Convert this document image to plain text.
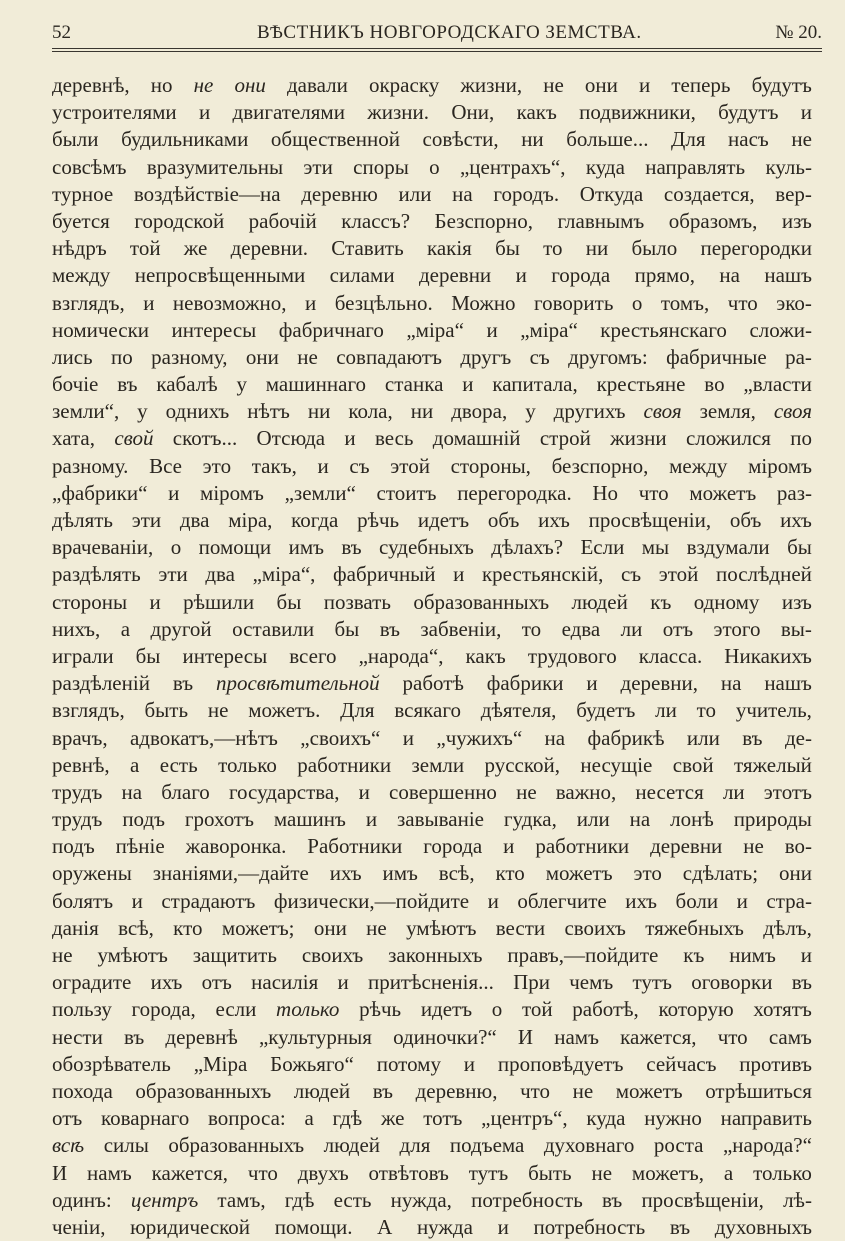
52	ВѢСТНИКЪ НОВГОРОДСКАГО ЗЕМСТВА.	№ 20.
деревнѣ, но не они давали окраску жизни, не они и теперь будутъ
устроителями и двигателями жизни. Они, какъ подвижники, будутъ и
были будильниками общественной совѣсти, ни больше... Для насъ не
совсѣмъ вразумительны эти споры о „центрахъ“, куда направлять куль-
турное воздѣйствіе—на деревню или на городъ. Откуда создается, вер-
буется городской рабочій классъ? Безспорно, главнымъ образомъ, изъ
нѣдръ той же деревни. Ставить какія бы то ни было перегородки
между непросвѣщенными силами деревни и города прямо, на нашъ
взглядъ, и невозможно, и безцѣльно. Можно говорить о томъ, что эко-
номически интересы фабричнаго „міра“ и „міра“ крестьянскаго сложи-
лись по разному, они не совпадаютъ другъ съ другомъ: фабричные ра-
бочіе въ кабалѣ у машиннаго станка и капитала, крестьяне во „власти
земли“, у однихъ нѣтъ ни кола, ни двора, у другихъ своя земля, своя
хата, свой скотъ... Отсюда и весь домашній строй жизни сложился по
разному. Все это такъ, и съ этой стороны, безспорно, между міромъ
„фабрики“ и міромъ „земли“ стоитъ перегородка. Но что можетъ раз-
дѣлять эти два міра, когда рѣчь идетъ объ ихъ просвѣщеніи, объ ихъ
врачеваніи, о помощи имъ въ судебныхъ дѣлахъ? Если мы вздумали бы
раздѣлять эти два „міра“, фабричный и крестьянскій, съ этой послѣдней
стороны и рѣшили бы позвать образованныхъ людей къ одному изъ
нихъ, а другой оставили бы въ забвеніи, то едва ли отъ этого вы-
играли бы интересы всего „народа“, какъ трудового класса. Никакихъ
раздѣленій въ просвѣтительной работѣ фабрики и деревни, на нашъ
взглядъ, быть не можетъ. Для всякаго дѣятеля, будетъ ли то учитель,
врачъ, адвокатъ,—нѣтъ „своихъ“ и „чужихъ“ на фабрикѣ или въ де-
ревнѣ, а есть только работники земли русской, несущіе свой тяжелый
трудъ на благо государства, и совершенно не важно, несется ли этотъ
трудъ подъ грохотъ машинъ и завываніе гудка, или на лонѣ природы
подъ пѣніе жаворонка. Работники города и работники деревни не во-
оружены знаніями,—дайте ихъ имъ всѣ, кто можетъ это сдѣлать; они
болятъ и страдаютъ физически,—пойдите и облегчите ихъ боли и стра-
данія всѣ, кто можетъ; они не умѣютъ вести своихъ тяжебныхъ дѣлъ,
не умѣютъ защитить своихъ законныхъ правъ,—пойдите къ нимъ и
оградите ихъ отъ насилія и притѣсненія... При чемъ тутъ оговорки въ
пользу города, если только рѣчь идетъ о той работѣ, которую хотятъ
нести въ деревнѣ „культурныя одиночки?“ И намъ кажется, что самъ
обозрѣватель „Міра Божьяго“ потому и проповѣдуетъ сейчасъ противъ
похода образованныхъ людей въ деревню, что не можетъ отрѣшиться
отъ коварнаго вопроса: а гдѣ же тотъ „центръ“, куда нужно направить
всѣ силы образованныхъ людей для подъема духовнаго роста „народа?“
И намъ кажется, что двухъ отвѣтовъ тутъ быть не можетъ, а только
одинъ: центръ тамъ, гдѣ есть нужда, потребность въ просвѣщеніи, лѣ-
ченіи, юридической помощи. А нужда и потребность въ духовныхъ
